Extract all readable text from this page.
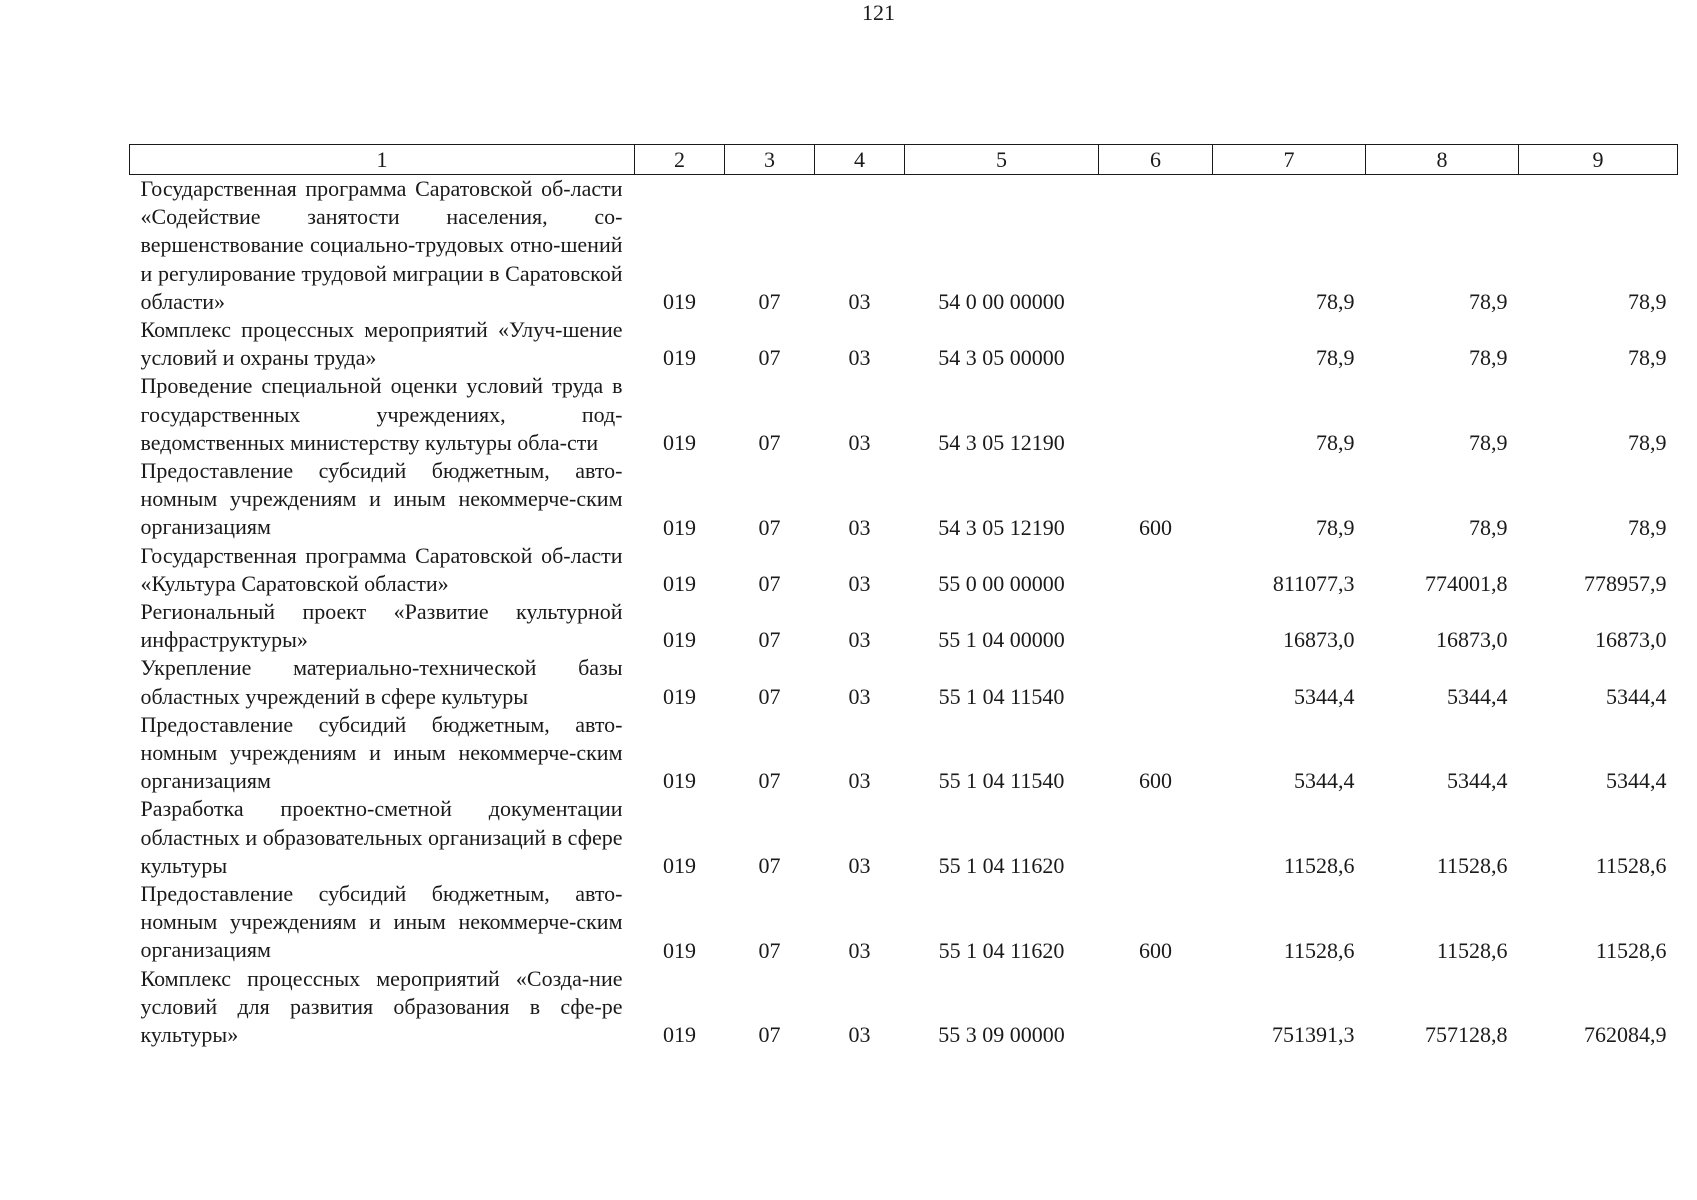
121
1	2	3	4	5	6	7	8	9
Государственная программа Саратовской об-ласти «Содействие занятости населения, со-вершенствование социально-трудовых отно-шений и регулирование трудовой миграции в Саратовской области»	019	07	03	54 0 00 00000		78,9	78,9	78,9
Комплекс процессных мероприятий «Улуч-шение условий и охраны труда»	019	07	03	54 3 05 00000		78,9	78,9	78,9
Проведение специальной оценки условий труда в государственных учреждениях, под-ведомственных министерству культуры обла-сти	019	07	03	54 3 05 12190		78,9	78,9	78,9
Предоставление субсидий бюджетным, авто-номным учреждениям и иным некоммерче-ским организациям	019	07	03	54 3 05 12190	600	78,9	78,9	78,9
Государственная программа Саратовской об-ласти «Культура Саратовской области»	019	07	03	55 0 00 00000		811077,3	774001,8	778957,9
Региональный проект «Развитие культурной инфраструктуры»	019	07	03	55 1 04 00000		16873,0	16873,0	16873,0
Укрепление материально-технической базы областных учреждений в сфере культуры	019	07	03	55 1 04 11540		5344,4	5344,4	5344,4
Предоставление субсидий бюджетным, авто-номным учреждениям и иным некоммерче-ским организациям	019	07	03	55 1 04 11540	600	5344,4	5344,4	5344,4
Разработка проектно-сметной документации областных и образовательных организаций в сфере культуры	019	07	03	55 1 04 11620		11528,6	11528,6	11528,6
Предоставление субсидий бюджетным, авто-номным учреждениям и иным некоммерче-ским организациям	019	07	03	55 1 04 11620	600	11528,6	11528,6	11528,6
Комплекс процессных мероприятий «Созда-ние условий для развития образования в сфе-ре культуры»	019	07	03	55 3 09 00000		751391,3	757128,8	762084,9
